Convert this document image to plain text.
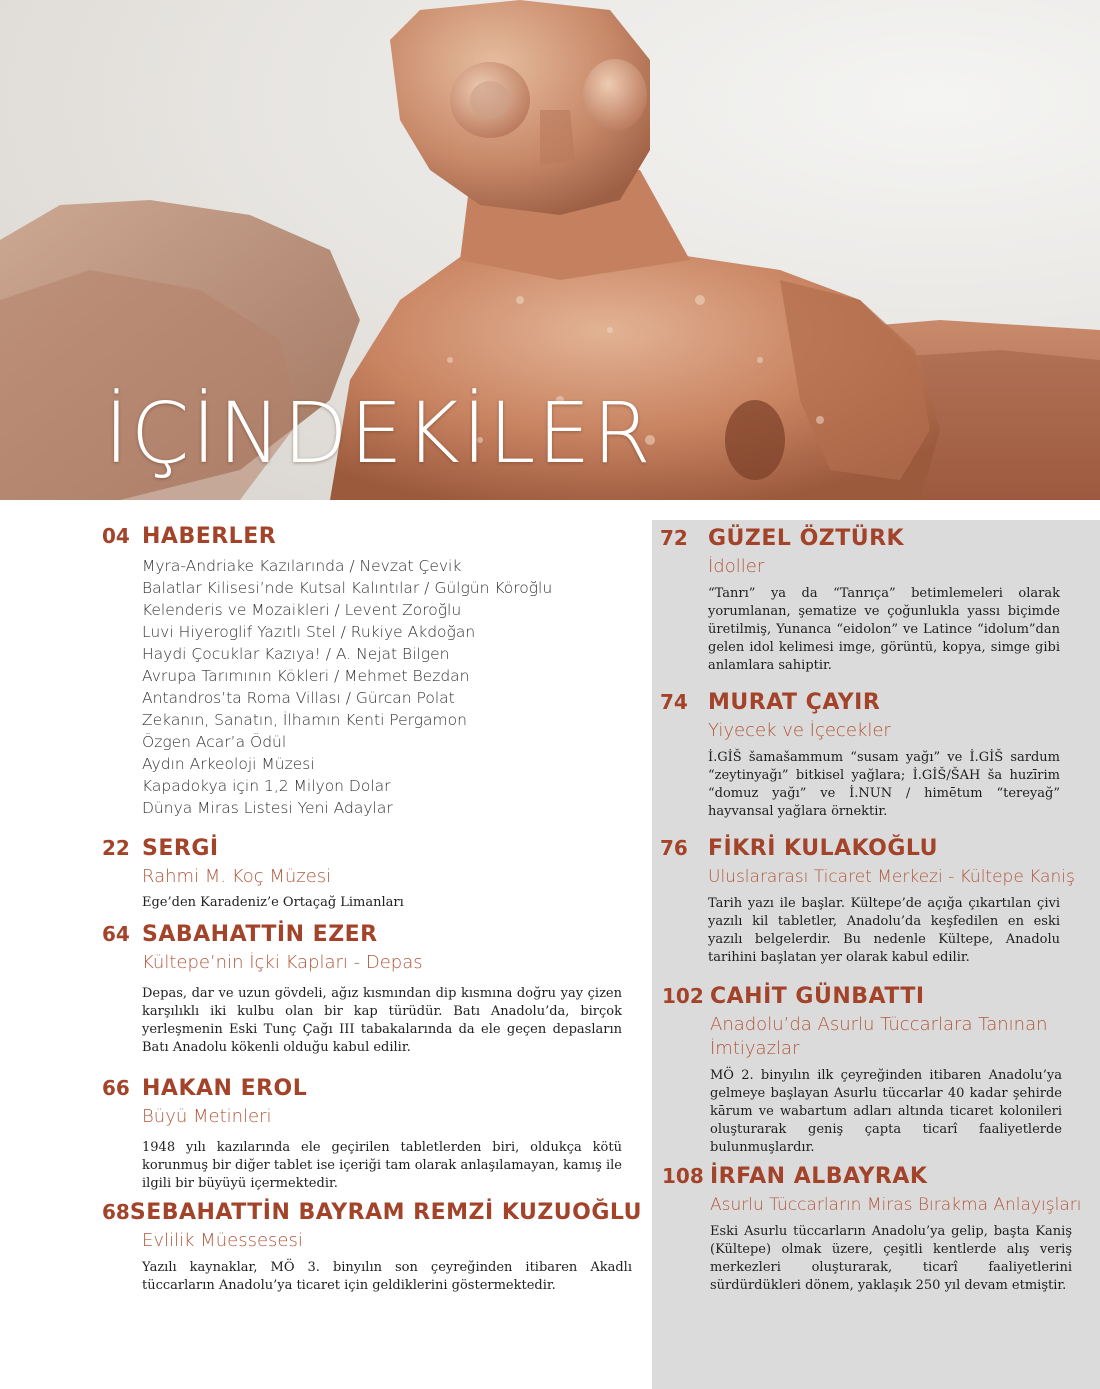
İÇİNDEKİLER
04 HABERLER
Myra-Andriake Kazılarında / Nevzat Çevik
Balatlar Kilisesi’nde Kutsal Kalıntılar / Gülgün Köroğlu
Kelenderis ve Mozaikleri / Levent Zoroğlu
Luvi Hiyeroglif Yazıtlı Stel / Rukiye Akdoğan
Haydi Çocuklar Kazıya! / A. Nejat Bilgen
Avrupa Tarımının Kökleri / Mehmet Bezdan
Antandros’ta Roma Villası / Gürcan Polat
Zekanın, Sanatın, İlhamın Kenti Pergamon
Özgen Acar’a Ödül
Aydın Arkeoloji Müzesi
Kapadokya için 1,2 Milyon Dolar
Dünya Miras Listesi Yeni Adaylar
22 SERGİ
Rahmi M. Koç Müzesi
Ege’den Karadeniz’e Ortaçağ Limanları
64 SABAHATTİN EZER
Kültepe’nin İçki Kapları - Depas
Depas, dar ve uzun gövdeli, ağız kısmından dip kısmına doğru yay çizen karşılıklı iki kulbu olan bir kap türüdür. Batı Anadolu’da, birçok yerleşmenin Eski Tunç Çağı III tabakalarında da ele geçen depasların Batı Anadolu kökenli olduğu kabul edilir.
66 HAKAN EROL
Büyü Metinleri
1948 yılı kazılarında ele geçirilen tabletlerden biri, oldukça kötü korunmuş bir diğer tablet ise içeriği tam olarak anlaşılamayan, kamış ile ilgili bir büyüyü içermektedir.
68 SEBAHATTİN BAYRAM REMZİ KUZUOĞLU
Evlilik Müessesesi
Yazılı kaynaklar, MÖ 3. binyılın son çeyreğinden itibaren Akadlı tüccarların Anadolu’ya ticaret için geldiklerini göstermektedir.
72 GÜZEL ÖZTÜRK
İdoller
“Tanrı” ya da “Tanrıça” betimlemeleri olarak yorumlanan, şematize ve çoğunlukla yassı biçimde üretilmiş, Yunanca “eidolon” ve Latince “idolum”dan gelen idol kelimesi imge, görüntü, kopya, simge gibi anlamlara sahiptir.
74 MURAT ÇAYIR
Yiyecek ve İçecekler
İ.GİŠ šamašammum “susam yağı” ve İ.GİŠ sardum “zeytinyağı” bitkisel yağlara; İ.GİŠ/ŠAH ša huzīrim “domuz yağı” ve İ.NUN / himētum “tereyağ” hayvansal yağlara örnektir.
76 FİKRİ KULAKOĞLU
Uluslararası Ticaret Merkezi - Kültepe Kaniş
Tarih yazı ile başlar. Kültepe’de açığa çıkartılan çivi yazılı kil tabletler, Anadolu’da keşfedilen en eski yazılı belgelerdir. Bu nedenle Kültepe, Anadolu tarihini başlatan yer olarak kabul edilir.
102 CAHİT GÜNBATTI
Anadolu’da Asurlu Tüccarlara Tanınan İmtiyazlar
MÖ 2. binyılın ilk çeyreğinden itibaren Anadolu’ya gelmeye başlayan Asurlu tüccarlar 40 kadar şehirde kārum ve wabartum adları altında ticaret kolonileri oluşturarak geniş çapta ticarî faaliyetlerde bulunmuşlardır.
108 İRFAN ALBAYRAK
Asurlu Tüccarların Miras Bırakma Anlayışları
Eski Asurlu tüccarların Anadolu’ya gelip, başta Kaniş (Kültepe) olmak üzere, çeşitli kentlerde alış veriş merkezleri oluşturarak, ticarî faaliyetlerini sürdürdükleri dönem, yaklaşık 250 yıl devam etmiştir.
